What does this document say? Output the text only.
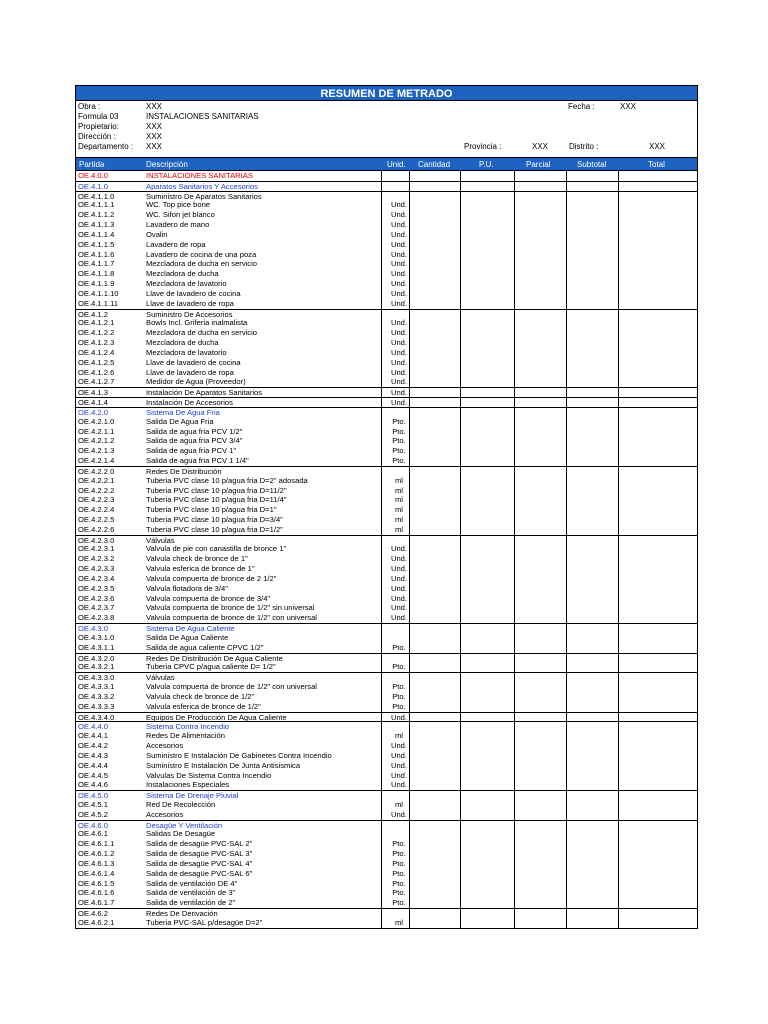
RESUMEN DE METRADO
Obra :	XXX	Fecha :	XXX
Formula 03	INSTALACIONES SANITARIAS
Propietario:	XXX
Dirección :	XXX
Departamento : XXX	Provincia :	XXX	Distrito :	XXX
Partida	Descripción	Unid. Cantidad	P.U.	Parcial	Subtotal	Total
OE.4.0.0	INSTALACIONES SANITARIAS
OE.4.1.0	Aparatos Sanitarios Y Accesorios
OE.4.1.1.0	Suministro De Aparatos Sanitarios
OE.4.1.1.1	WC. Top pice bone	Und.
OE.4.1.1.2	WC. Sifon jet blanco	Und.
OE.4.1.1.3	Lavadero de mano	Und.
OE.4.1.1.4	Ovalin	Und.
OE.4.1.1.5	Lavadero de ropa	Und.
OE.4.1.1.6	Lavadero de cocina de una poza	Und.
OE.4.1.1.7	Mezcladora de ducha en servicio	Und.
OE.4.1.1.8	Mezcladora de ducha	Und.
OE.4.1.1.9	Mezcladora de lavatorio	Und.
OE.4.1.1.10	Llave de lavadero de cocina	Und.
OE.4.1.1.11	Llave de lavadero de ropa	Und.
OE.4.1.2	Suministro De Accesorios
OE.4.1.2.1	Bowls Incl. Griferia inalmalista	Und.
OE.4.1.2.2	Mezcladora de ducha en servicio	Und.
OE.4.1.2.3	Mezcladora de ducha	Und.
OE.4.1.2.4	Mezcladora de lavatorio	Und.
OE.4.1.2.5	Llave de lavadero de cocina	Und.
OE.4.1.2.6	Llave de lavadero de ropa	Und.
OE.4.1.2.7	Medidor de Agua (Proveedor)	Und.
OE.4.1.3	Instalación De Aparatos Sanitarios	Und.
OE.4.1.4	Instalación De Accesorios	Und.
OE.4.2.0	Sistema De Agua Fria
OE.4.2.1.0	Salida De Agua Fria	Pto.
OE.4.2.1.1	Salida de agua fria PCV 1/2"	Pto.
OE.4.2.1.2	Salida de agua fria PCV 3/4"	Pto.
OE.4.2.1.3	Salida de agua fria PCV 1"	Pto.
OE.4.2.1.4	Salida de agua fria PCV 1 1/4"	Pto.
OE.4.2.2.0	Redes De Distribución
OE.4.2.2.1	Tuberia PVC clase 10 p/agua fria D=2" adosada	ml
OE.4.2.2.2	Tuberia PVC clase 10 p/agua fria D=11/2"	ml
OE.4.2.2.3	Tuberia PVC clase 10 p/agua fria D=11/4"	ml
OE.4.2.2.4	Tuberia PVC clase 10 p/agua fria D=1"	ml
OE.4.2.2.5	Tuberia PVC clase 10 p/agua fria D=3/4"	ml
OE.4.2.2.6	Tuberia PVC clase 10 p/agua fria D=1/2"	ml
OE.4.2.3.0	Válvulas
OE.4.2.3.1	Valvula de pie con canastilla de bronce 1"	Und.
OE.4.2.3.2	Valvula check de bronce de 1"	Und.
OE.4.2.3.3	Valvula esferica de bronce de 1"	Und.
OE.4.2.3.4	Valvula compuerta de bronce de 2 1/2"	Und.
OE.4.2.3.5	Valvula flotadora de 3/4"	Und.
OE.4.2.3.6	Valvula compuerta de bronce de 3/4"	Und.
OE.4.2.3.7	Valvula compuerta de bronce de 1/2" sin universal	Und.
OE.4.2.3.8	Valvula compuerta de bronce de 1/2" con universal	Und.
OE.4.3.0	Sistema De Agua Caliente
OE.4.3.1.0	Salida De Agua Caliente
OE.4.3.1.1	Salida de agua caliente CPVC 1/2"	Pto.
OE.4.3.2.0	Redes De Distribución De Agua Caliente
OE.4.3.2.1	Tuberia CPVC p/agua caliente D= 1/2"	Pto.
OE.4.3.3.0	Válvulas
OE.4.3.3.1	Valvula compuerta de bronce de 1/2" con universal	Pto.
OE.4.3.3.2	Valvula check de bronce de 1/2"	Pto.
OE.4.3.3.3	Valvula esferica de bronce de 1/2"	Pto.
OE.4.3.4.0	Equipos De Producción De Agua Caliente	Und.
OE.4.4.0	Sistema Contra Incendio
OE.4.4.1	Redes De Alimentación	ml
OE.4.4.2	Accesorios	Und.
OE.4.4.3	Suministro E Instalación De Gabinetes Contra Incendio	Und.
OE.4.4.4	Suministro E Instalación De Junta Antisismica	Und.
OE.4.4.5	Valvulas De Sistema Contra Incendio	Und.
OE.4.4.6	Instalaciones Especiales	Und.
OE.4.5.0	Sistema De Drenaje Pluvial
OE.4.5.1	Red De Recolección	ml
OE.4.5.2	Accesorios	Und.
OE.4.6.0	Desagüe Y Ventilación
OE.4.6.1	Salidas De Desagüe
OE.4.6.1.1	Salida de desagüe PVC-SAL 2"	Pto.
OE.4.6.1.2	Salida de desagüe PVC-SAL 3"	Pto.
OE.4.6.1.3	Salida de desagüe PVC-SAL 4"	Pto.
OE.4.6.1.4	Salida de desagüe PVC-SAL 6"	Pto.
OE.4.6.1.5	Salida de ventilación DE 4"	Pto.
OE.4.6.1.6	Salida de ventilación de 3"	Pto.
OE.4.6.1.7	Salida de ventilación de 2"	Pto.
OE.4.6.2	Redes De Derivación
OE.4.6.2.1	Tuberia PVC-SAL p/desagüe D=2"	ml
